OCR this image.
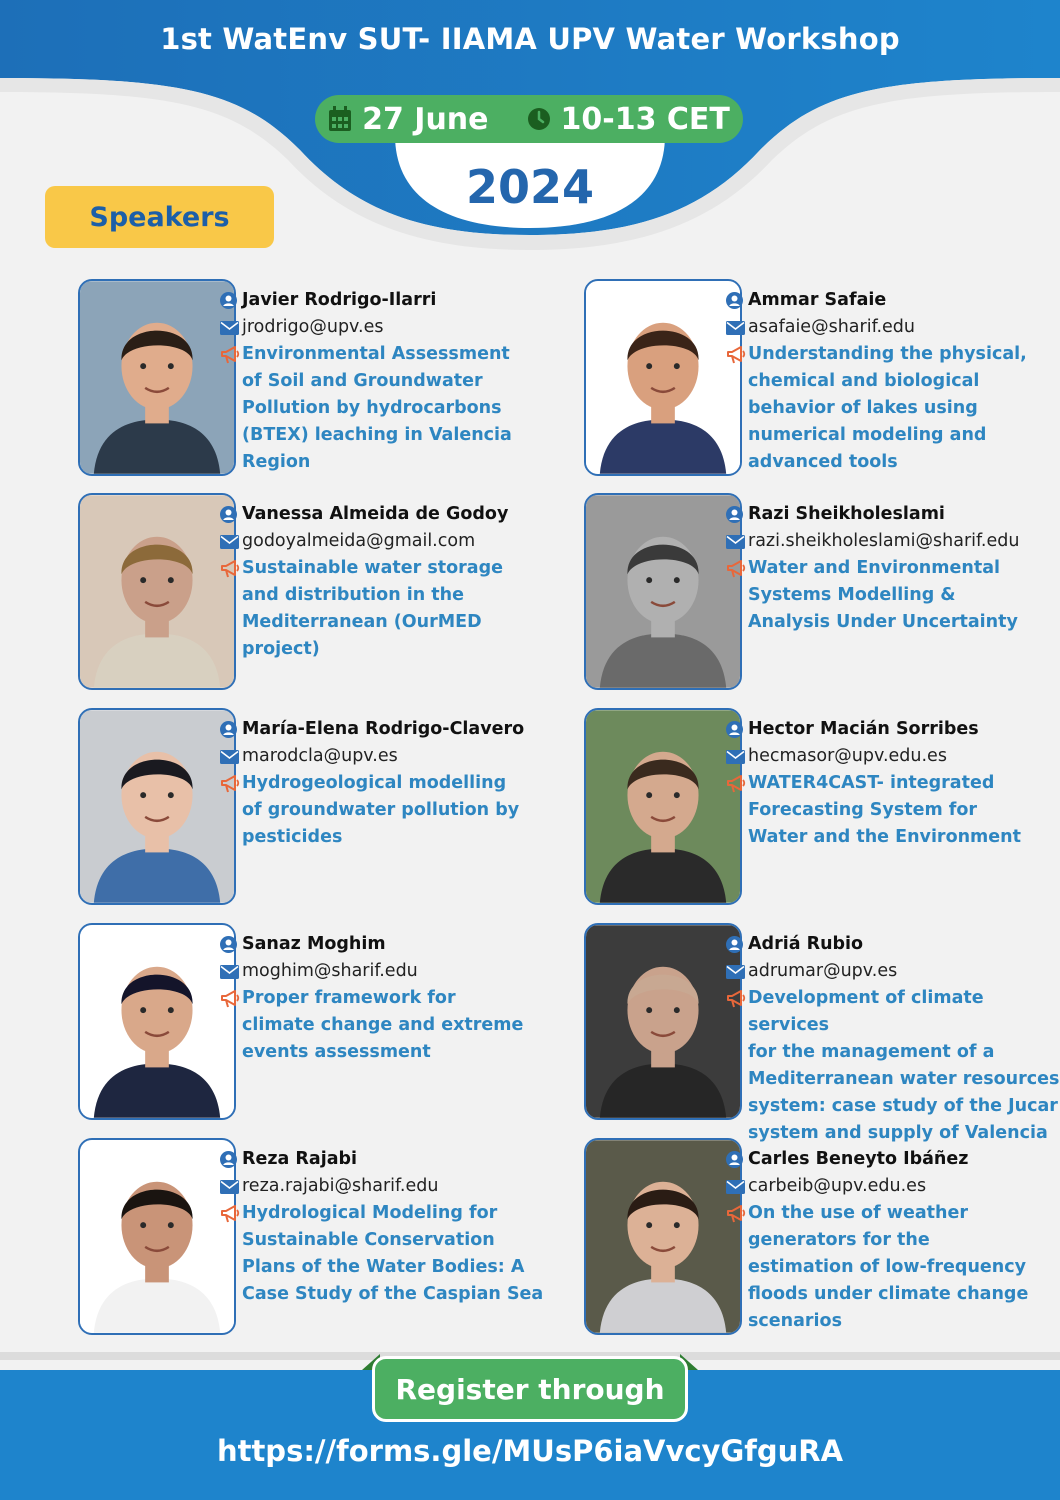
1st WatEnv SUT- IIAMA UPV Water Workshop
27 June 10-13 CET
2024
Speakers
Javier Rodrigo-Ilarri
jrodrigo@upv.es
Environmental Assessment
of Soil and Groundwater
Pollution by hydrocarbons
(BTEX) leaching in Valencia
Region
Ammar Safaie
asafaie@sharif.edu
Understanding the physical,
chemical and biological
behavior of lakes using
numerical modeling and
advanced tools
Vanessa Almeida de Godoy
godoyalmeida@gmail.com
Sustainable water storage
and distribution in the
Mediterranean (OurMED
project)
Razi Sheikholeslami
razi.sheikholeslami@sharif.edu
Water and Environmental
Systems Modelling &
Analysis Under Uncertainty
María-Elena Rodrigo-Clavero
marodcla@upv.es
Hydrogeological modelling
of groundwater pollution by
pesticides
Hector Macián Sorribes
hecmasor@upv.edu.es
WATER4CAST- integrated
Forecasting System for
Water and the Environment
Sanaz Moghim
moghim@sharif.edu
Proper framework for
climate change and extreme
events assessment
Adriá Rubio
adrumar@upv.es
Development of climate services
for the management of a
Mediterranean water resources
system: case study of the Jucar
system and supply of Valencia
Reza Rajabi
reza.rajabi@sharif.edu
Hydrological Modeling for
Sustainable Conservation
Plans of the Water Bodies: A
Case Study of the Caspian Sea
Carles Beneyto Ibáñez
carbeib@upv.edu.es
On the use of weather
generators for the
estimation of low-frequency
floods under climate change
scenarios
Register through
https://forms.gle/MUsP6iaVvcyGfguRA
